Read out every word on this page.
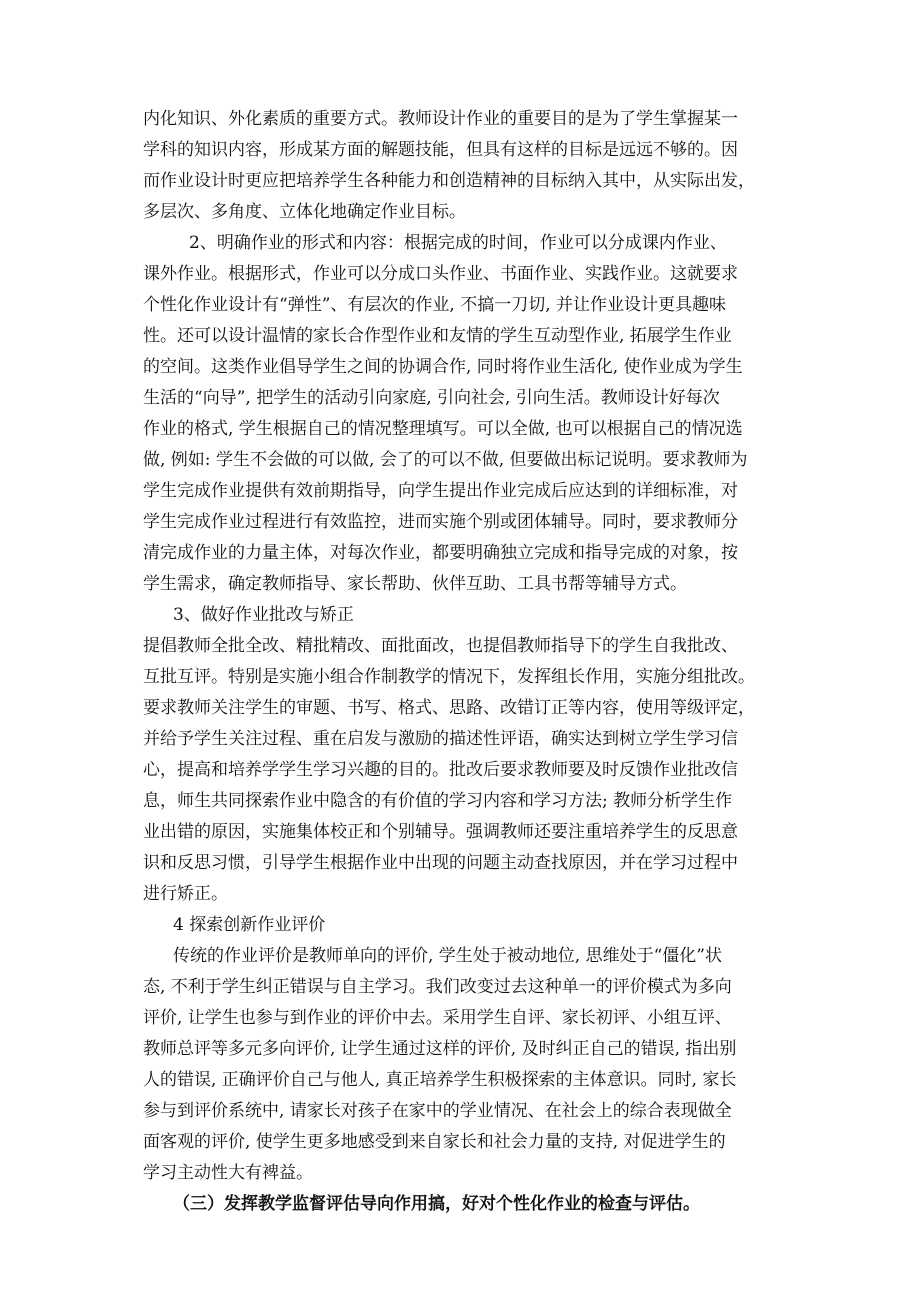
内化知识、外化素质的重要方式。教师设计作业的重要目的是为了学生掌握某一
学科的知识内容，形成某方面的解题技能，但具有这样的目标是远远不够的。因
而作业设计时更应把培养学生各种能力和创造精神的目标纳入其中，从实际出发，
多层次、多角度、立体化地确定作业目标。
2、明确作业的形式和内容：根据完成的时间，作业可以分成课内作业、
课外作业。根据形式，作业可以分成口头作业、书面作业、实践作业。这就要求
个性化作业设计有“弹性”、有层次的作业, 不搞一刀切, 并让作业设计更具趣味
性。还可以设计温情的家长合作型作业和友情的学生互动型作业, 拓展学生作业
的空间。这类作业倡导学生之间的协调合作, 同时将作业生活化, 使作业成为学生
生活的“向导”, 把学生的活动引向家庭, 引向社会, 引向生活。教师设计好每次
作业的格式, 学生根据自己的情况整理填写。可以全做, 也可以根据自己的情况选
做, 例如: 学生不会做的可以做, 会了的可以不做, 但要做出标记说明。要求教师为
学生完成作业提供有效前期指导，向学生提出作业完成后应达到的详细标准，对
学生完成作业过程进行有效监控，进而实施个别或团体辅导。同时，要求教师分
清完成作业的力量主体，对每次作业，都要明确独立完成和指导完成的对象，按
学生需求，确定教师指导、家长帮助、伙伴互助、工具书帮等辅导方式。
3、做好作业批改与矫正
提倡教师全批全改、精批精改、面批面改，也提倡教师指导下的学生自我批改、
互批互评。特别是实施小组合作制教学的情况下，发挥组长作用，实施分组批改。
要求教师关注学生的审题、书写、格式、思路、改错订正等内容，使用等级评定，
并给予学生关注过程、重在启发与激励的描述性评语，确实达到树立学生学习信
心，提高和培养学学生学习兴趣的目的。批改后要求教师要及时反馈作业批改信
息，师生共同探索作业中隐含的有价值的学习内容和学习方法; 教师分析学生作
业出错的原因，实施集体校正和个别辅导。强调教师还要注重培养学生的反思意
识和反思习惯，引导学生根据作业中出现的问题主动查找原因，并在学习过程中
进行矫正。
4 探索创新作业评价
传统的作业评价是教师单向的评价, 学生处于被动地位, 思维处于“僵化”状
态, 不利于学生纠正错误与自主学习。我们改变过去这种单一的评价模式为多向
评价, 让学生也参与到作业的评价中去。采用学生自评、家长初评、小组互评、
教师总评等多元多向评价, 让学生通过这样的评价, 及时纠正自己的错误, 指出别
人的错误, 正确评价自己与他人, 真正培养学生积极探索的主体意识。同时, 家长
参与到评价系统中, 请家长对孩子在家中的学业情况、在社会上的综合表现做全
面客观的评价, 使学生更多地感受到来自家长和社会力量的支持, 对促进学生的
学习主动性大有裨益。
（三）发挥教学监督评估导向作用搞，好对个性化作业的检查与评估。
